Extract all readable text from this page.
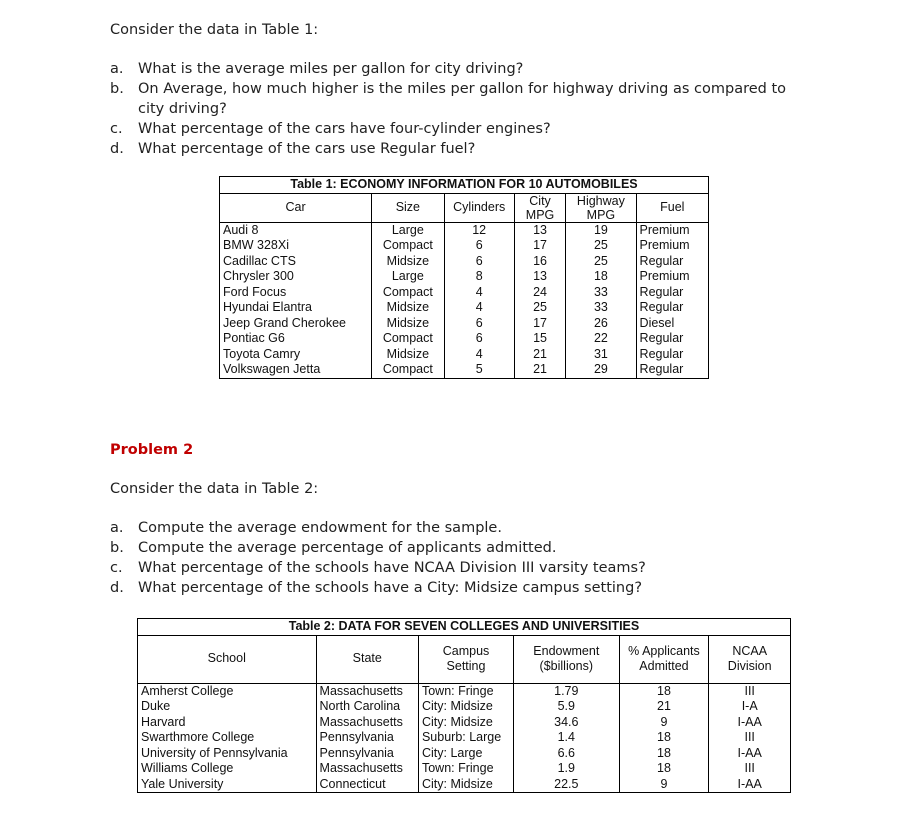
Consider the data in Table 1:
a. What is the average miles per gallon for city driving?
b. On Average, how much higher is the miles per gallon for highway driving as compared to city driving?
c. What percentage of the cars have four-cylinder engines?
d. What percentage of the cars use Regular fuel?
Table 1: ECONOMY INFORMATION FOR 10 AUTOMOBILES					
Car	Size	Cylinders	City MPG	Highway MPG	Fuel
Audi 8	Large	12	13	19	Premium
BMW 328Xi	Compact	6	17	25	Premium
Cadillac CTS	Midsize	6	16	25	Regular
Chrysler 300	Large	8	13	18	Premium
Ford Focus	Compact	4	24	33	Regular
Hyundai Elantra	Midsize	4	25	33	Regular
Jeep Grand Cherokee	Midsize	6	17	26	Diesel
Pontiac G6	Compact	6	15	22	Regular
Toyota Camry	Midsize	4	21	31	Regular
Volkswagen Jetta	Compact	5	21	29	Regular
Problem 2
Consider the data in Table 2:
a. Compute the average endowment for the sample.
b. Compute the average percentage of applicants admitted.
c. What percentage of the schools have NCAA Division III varsity teams?
d. What percentage of the schools have a City: Midsize campus setting?
Table 2: DATA FOR SEVEN COLLEGES AND UNIVERSITIES					
School	State	Campus Setting	Endowment ($billions)	% Applicants Admitted	NCAA Division
Amherst College	Massachusetts	Town: Fringe	1.79	18	III
Duke	North Carolina	City: Midsize	5.9	21	I-A
Harvard	Massachusetts	City: Midsize	34.6	9	I-AA
Swarthmore College	Pennsylvania	Suburb: Large	1.4	18	III
University of Pennsylvania	Pennsylvania	City: Large	6.6	18	I-AA
Williams College	Massachusetts	Town: Fringe	1.9	18	III
Yale University	Connecticut	City: Midsize	22.5	9	I-AA
